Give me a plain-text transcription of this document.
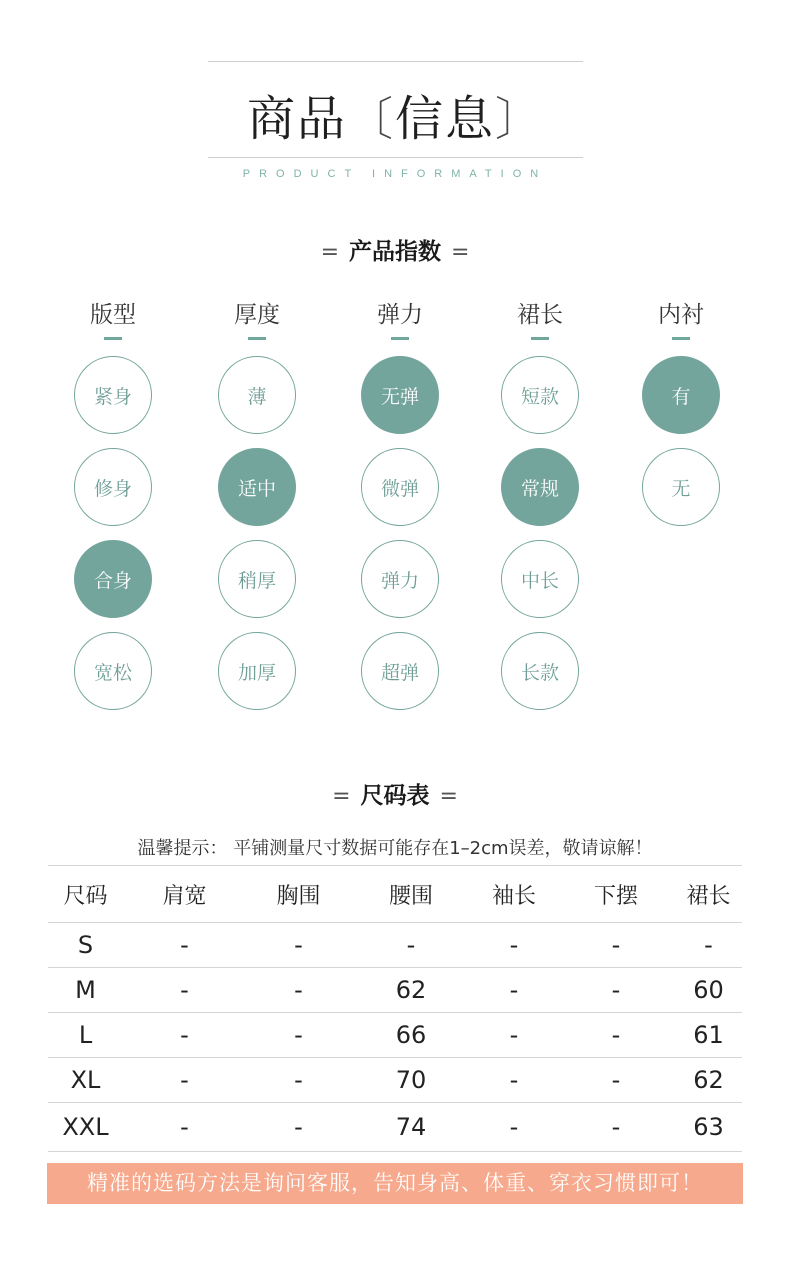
商品〔信息〕
PRODUCT INFORMATION
= 产品指数 =
版型
紧身
修身
合身
宽松
厚度
薄
适中
稍厚
加厚
弹力
无弹
微弹
弹力
超弹
裙长
短款
常规
中长
长款
内衬
有
无
= 尺码表 =
温馨提示： 平铺测量尺寸数据可能存在1–2cm误差，敬请谅解！
尺码	肩宽	胸围	腰围	袖长	下摆	裙长
S	-	-	-	-	-	-
M	-	-	62	-	-	60
L	-	-	66	-	-	61
XL	-	-	70	-	-	62
XXL	-	-	74	-	-	63
精准的选码方法是询问客服，告知身高、体重、穿衣习惯即可！
